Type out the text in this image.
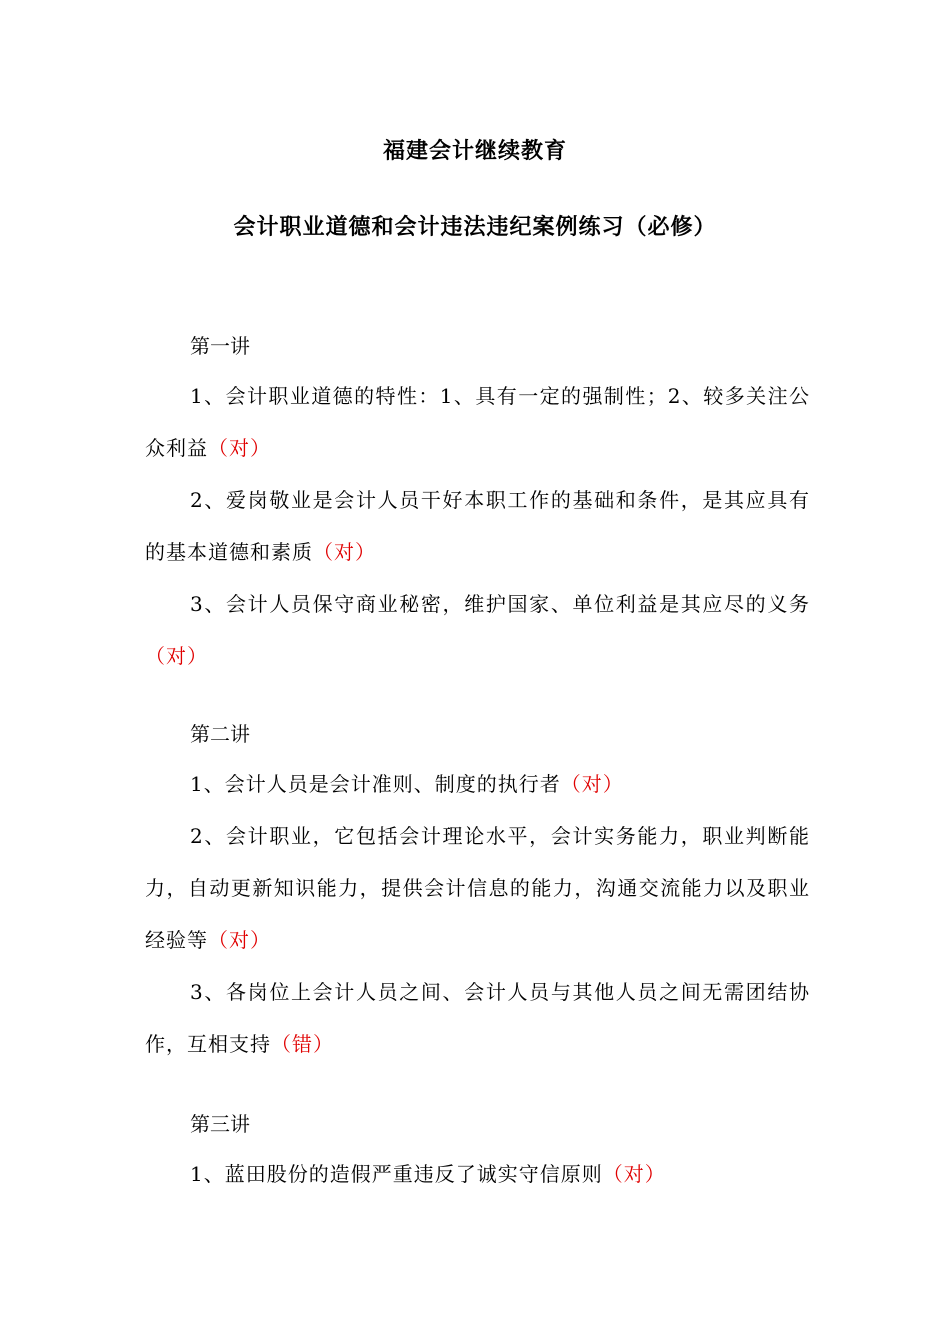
福建会计继续教育
会计职业道德和会计违法违纪案例练习（必修）
第一讲
1、会计职业道德的特性：1、具有一定的强制性；2、较多关注公众利益（对）
2、爱岗敬业是会计人员干好本职工作的基础和条件，是其应具有的基本道德和素质（对）
3、会计人员保守商业秘密，维护国家、单位利益是其应尽的义务（对）
第二讲
1、会计人员是会计准则、制度的执行者（对）
2、会计职业，它包括会计理论水平，会计实务能力，职业判断能力，自动更新知识能力，提供会计信息的能力，沟通交流能力以及职业经验等（对）
3、各岗位上会计人员之间、会计人员与其他人员之间无需团结协作，互相支持（错）
第三讲
1、蓝田股份的造假严重违反了诚实守信原则（对）
